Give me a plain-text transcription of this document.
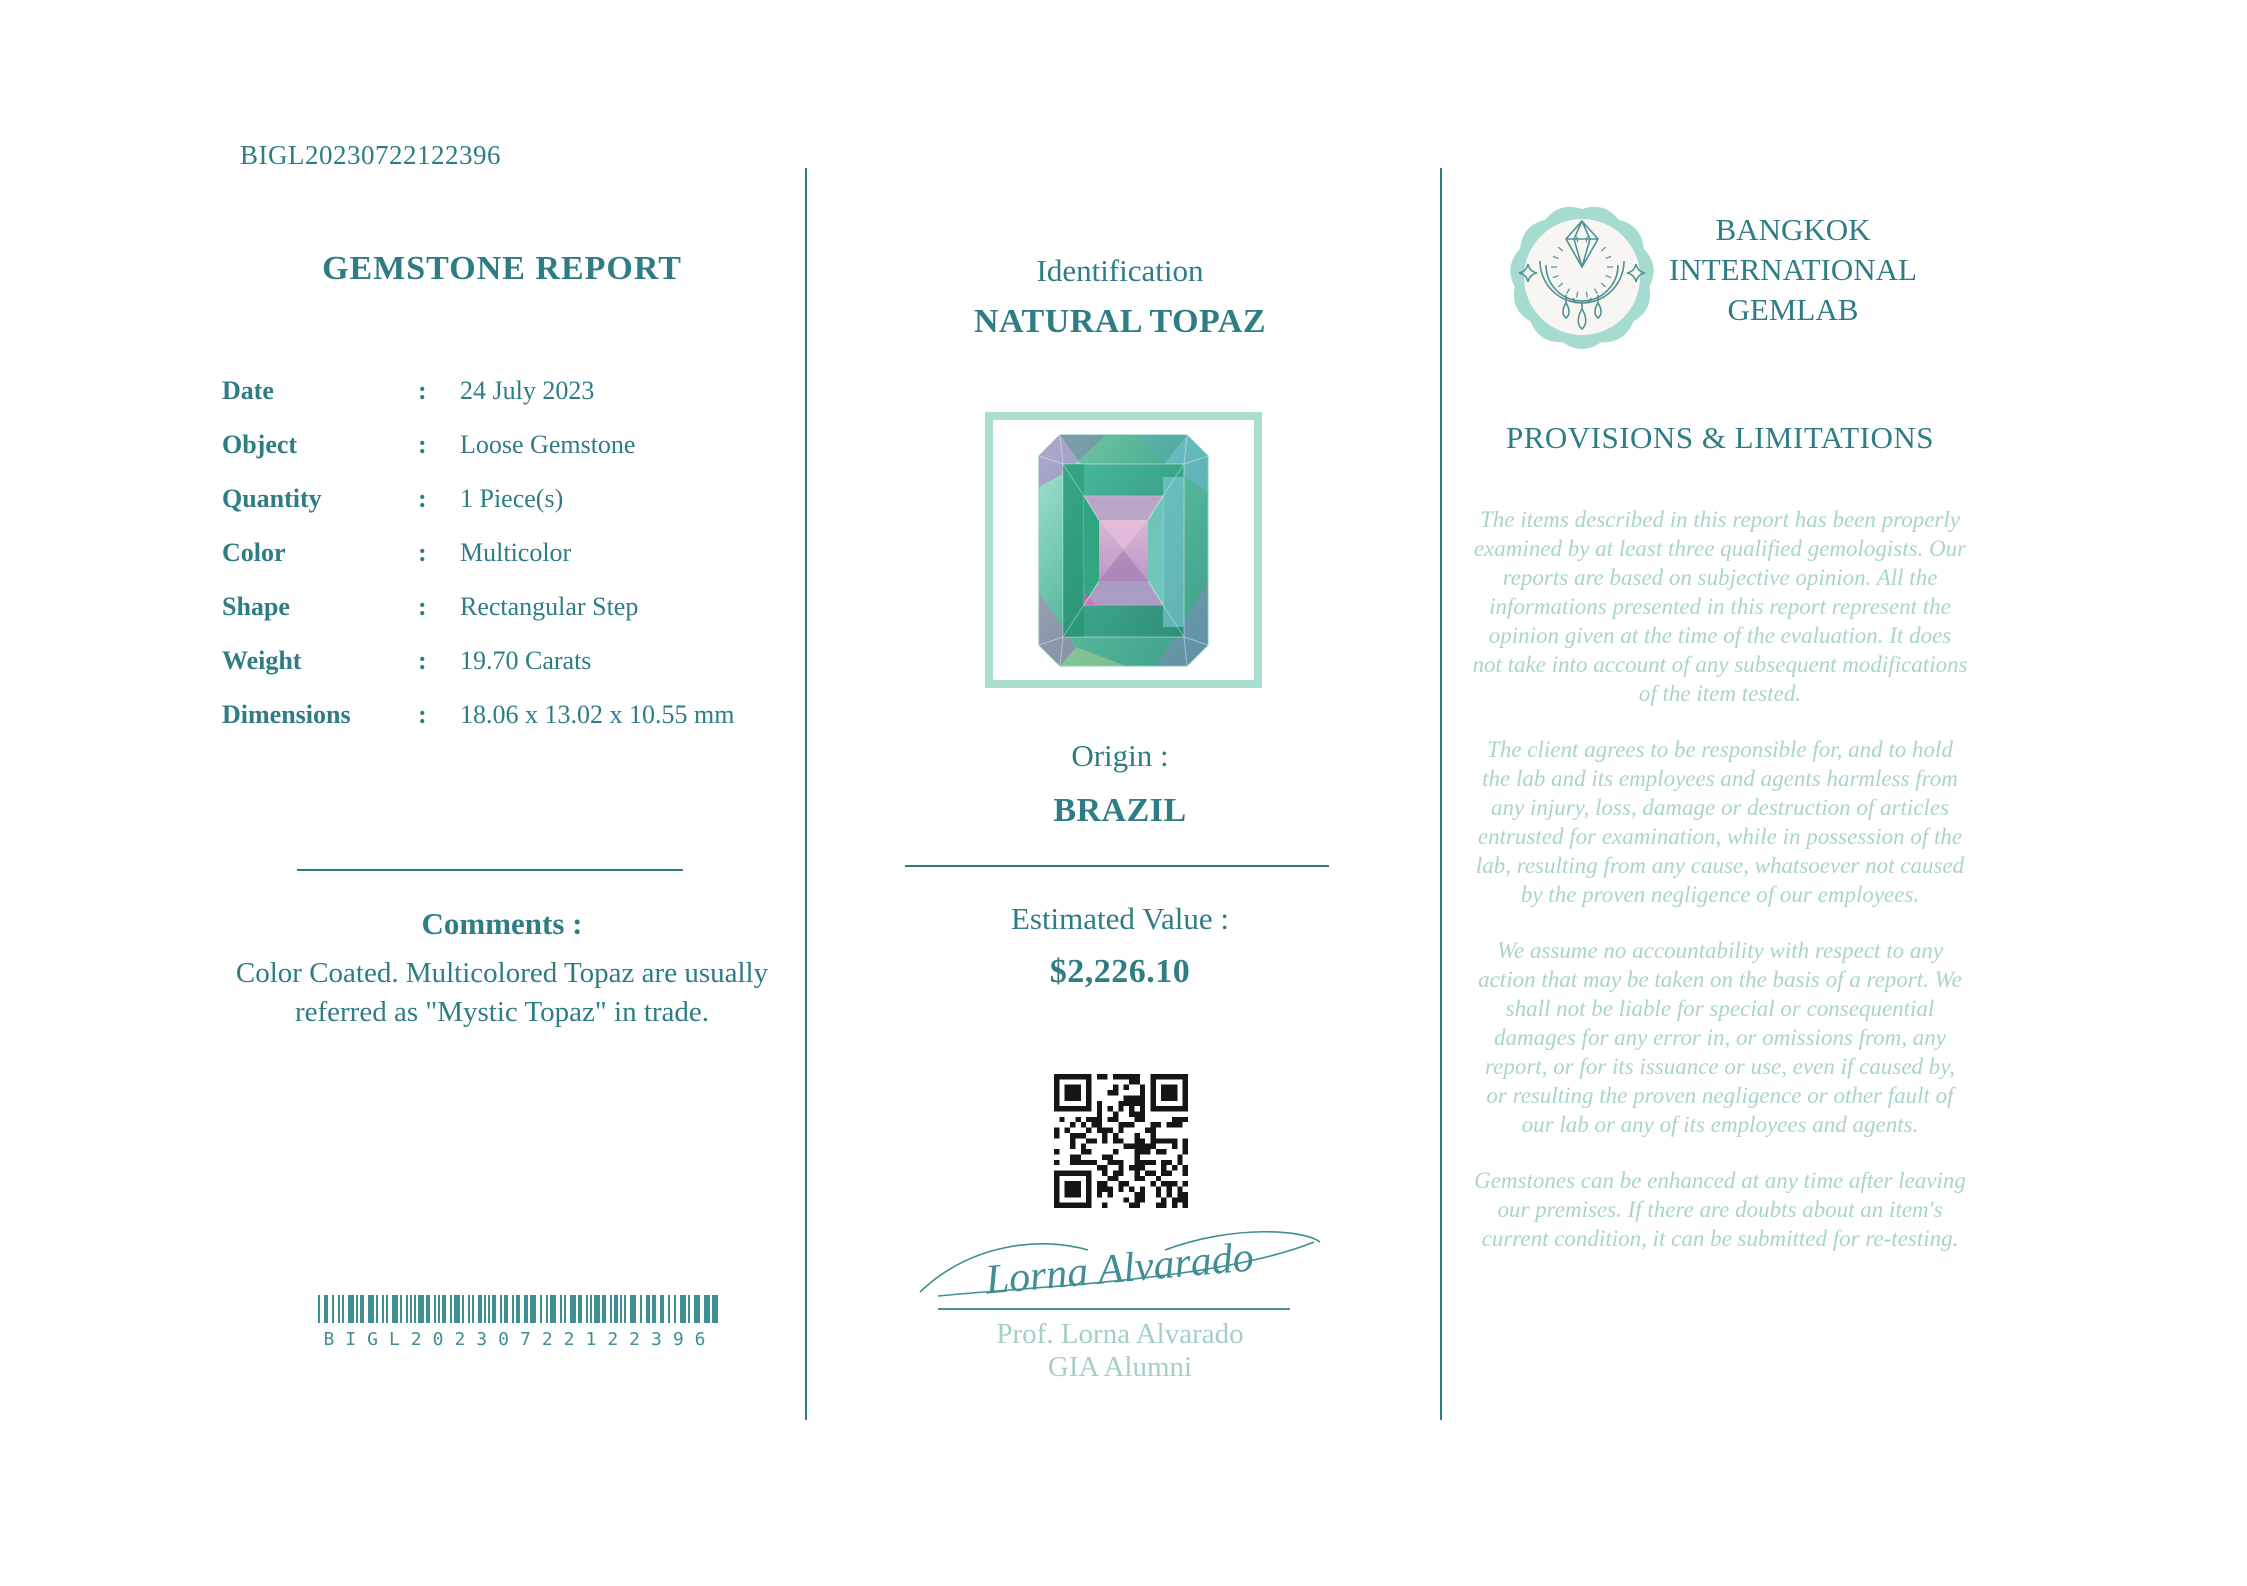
BIGL20230722122396
GEMSTONE REPORT
Date	:	24 July 2023
Object	:	Loose Gemstone
Quantity	:	1 Piece(s)
Color	:	Multicolor
Shape	:	Rectangular Step
Weight	:	19.70 Carats
Dimensions	:	18.06 x 13.02 x 10.55 mm
Comments :
Color Coated. Multicolored Topaz are usually referred as "Mystic Topaz" in trade.
BIGL20230722122396
Identification
NATURAL TOPAZ
Origin :
BRAZIL
Estimated Value :
$2,226.10
Lorna Alvarado
Prof. Lorna Alvarado
GIA Alumni
BANGKOK
INTERNATIONAL
GEMLAB
PROVISIONS & LIMITATIONS

The items described in this report has been properly examined by at least three qualified gemologists. Our reports are based on subjective opinion. All the informations presented in this report represent the opinion given at the time of the evaluation. It does not take into account of any subsequent modifications of the item tested.

The client agrees to be responsible for, and to hold the lab and its employees and agents harmless from any injury, loss, damage or destruction of articles entrusted for examination, while in possession of the lab, resulting from any cause, whatsoever not caused by the proven negligence of our employees.

We assume no accountability with respect to any action that may be taken on the basis of a report. We shall not be liable for special or consequential damages for any error in, or omissions from, any report, or for its issuance or use, even if caused by, or resulting the proven negligence or other fault of our lab or any of its employees and agents.

Gemstones can be enhanced at any time after leaving our premises. If there are doubts about an item's current condition, it can be submitted for re-testing.
